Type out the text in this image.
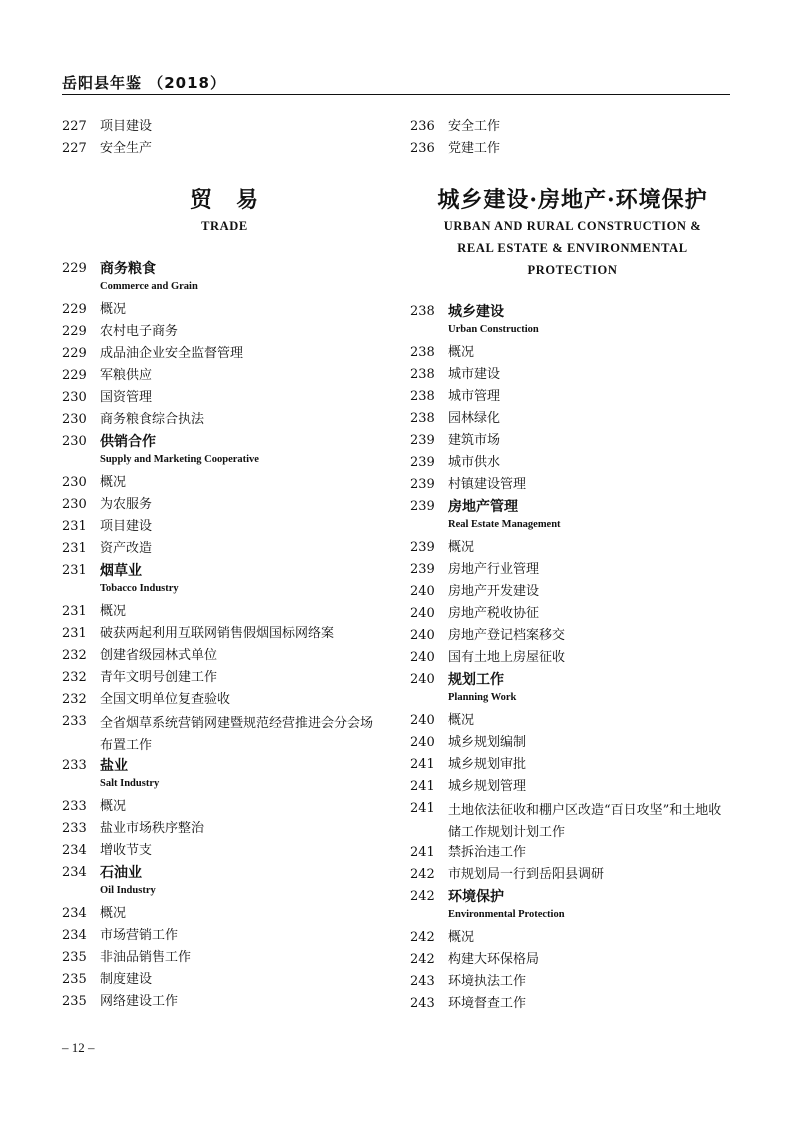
岳阳县年鉴 （2018）
227	项目建设
227	安全生产
贸　易
TRADE
229 商务粮食
Commerce and Grain
229	概况
229	农村电子商务
229	成品油企业安全监督管理
229	军粮供应
230	国资管理
230	商务粮食综合执法
230 供销合作
Supply and Marketing Cooperative
230	概况
230	为农服务
231	项目建设
231	资产改造
231 烟草业
Tobacco Industry
231	概况
231	破获两起利用互联网销售假烟国标网络案
232	创建省级园林式单位
232	青年文明号创建工作
232	全国文明单位复查验收
233	全省烟草系统营销网建暨规范经营推进会分会场布置工作
233 盐业
Salt Industry
233	概况
233	盐业市场秩序整治
234	增收节支
234 石油业
Oil Industry
234	概况
234	市场营销工作
235	非油品销售工作
235	制度建设
235	网络建设工作
236	安全工作
236	党建工作
城乡建设·房地产·环境保护
URBAN AND RURAL CONSTRUCTION &
REAL ESTATE & ENVIRONMENTAL
PROTECTION
238 城乡建设
Urban Construction
238	概况
238	城市建设
238	城市管理
238	园林绿化
239	建筑市场
239	城市供水
239	村镇建设管理
239 房地产管理
Real Estate Management
239	概况
239	房地产行业管理
240	房地产开发建设
240	房地产税收协征
240	房地产登记档案移交
240	国有土地上房屋征收
240 规划工作
Planning Work
240	概况
240	城乡规划编制
241	城乡规划审批
241	城乡规划管理
241	土地依法征收和棚户区改造“百日攻坚”和土地收储工作规划计划工作
241	禁拆治违工作
242	市规划局一行到岳阳县调研
242 环境保护
Environmental Protection
242	概况
242	构建大环保格局
243	环境执法工作
243	环境督查工作
– 12 –
